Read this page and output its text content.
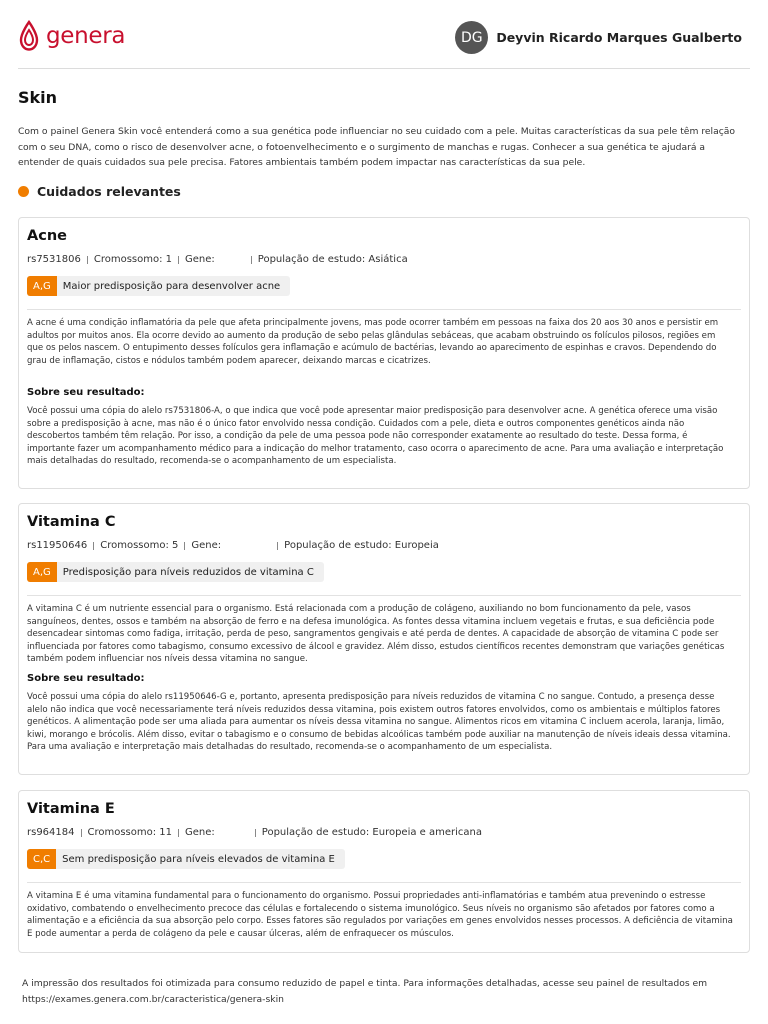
genera	DG	Deyvin Ricardo Marques Gualberto
Skin

Com o painel Genera Skin você entenderá como a sua genética pode influenciar no seu cuidado com a pele. Muitas características da sua pele têm relação com o seu DNA, como o risco de desenvolver acne, o fotoenvelhecimento e o surgimento de manchas e rugas. Conhecer a sua genética te ajudará a entender de quais cuidados sua pele precisa. Fatores ambientais também podem impactar nas características da sua pele.

Cuidados relevantes
Acne
rs7531806 Cromossomo: 1 Gene:	População de estudo: Asiática
A,G	Maior predisposição para desenvolver acne

A acne é uma condição inflamatória da pele que afeta principalmente jovens, mas pode ocorrer também em pessoas na faixa dos 20 aos 30 anos e persistir em adultos por muitos anos. Ela ocorre devido ao aumento da produção de sebo pelas glândulas sebáceas, que acabam obstruindo os folículos pilosos, regiões em que os pelos nascem. O entupimento desses folículos gera inflamação e acúmulo de bactérias, levando ao aparecimento de espinhas e cravos. Dependendo do grau de inflamação, cistos e nódulos também podem aparecer, deixando marcas e cicatrizes.

Sobre seu resultado:

Você possui uma cópia do alelo rs7531806-A, o que indica que você pode apresentar maior predisposição para desenvolver acne. A genética oferece uma visão sobre a predisposição à acne, mas não é o único fator envolvido nessa condição. Cuidados com a pele, dieta e outros componentes genéticos ainda não descobertos também têm relação. Por isso, a condição da pele de uma pessoa pode não corresponder exatamente ao resultado do teste. Dessa forma, é importante fazer um acompanhamento médico para a indicação do melhor tratamento, caso ocorra o aparecimento de acne. Para uma avaliação e interpretação mais detalhadas do resultado, recomenda-se o acompanhamento de um especialista.

Vitamina C
rs11950646 Cromossomo: 5 Gene:	População de estudo: Europeia
A,G	Predisposição para níveis reduzidos de vitamina C

A vitamina C é um nutriente essencial para o organismo. Está relacionada com a produção de colágeno, auxiliando no bom funcionamento da pele, vasos sanguíneos, dentes, ossos e também na absorção de ferro e na defesa imunológica. As fontes dessa vitamina incluem vegetais e frutas, e sua deficiência pode desencadear sintomas como fadiga, irritação, perda de peso, sangramentos gengivais e até perda de dentes. A capacidade de absorção de vitamina C pode ser influenciada por fatores como tabagismo, consumo excessivo de álcool e gravidez. Além disso, estudos científicos recentes demonstram que variações genéticas também podem influenciar nos níveis dessa vitamina no sangue.

Sobre seu resultado:

Você possui uma cópia do alelo rs11950646-G e, portanto, apresenta predisposição para níveis reduzidos de vitamina C no sangue. Contudo, a presença desse alelo não indica que você necessariamente terá níveis reduzidos dessa vitamina, pois existem outros fatores envolvidos, como os ambientais e múltiplos fatores genéticos. A alimentação pode ser uma aliada para aumentar os níveis dessa vitamina no sangue. Alimentos ricos em vitamina C incluem acerola, laranja, limão, kiwi, morango e brócolis. Além disso, evitar o tabagismo e o consumo de bebidas alcoólicas também pode auxiliar na manutenção de níveis ideais dessa vitamina. Para uma avaliação e interpretação mais detalhadas do resultado, recomenda-se o acompanhamento de um especialista.

Vitamina E
rs964184 Cromossomo: 11 Gene:	População de estudo: Europeia e americana
C,C	Sem predisposição para níveis elevados de vitamina E

A vitamina E é uma vitamina fundamental para o funcionamento do organismo. Possui propriedades anti-inflamatórias e também atua prevenindo o estresse oxidativo, combatendo o envelhecimento precoce das células e fortalecendo o sistema imunológico. Seus níveis no organismo são afetados por fatores como a alimentação e a eficiência da sua absorção pelo corpo. Esses fatores são regulados por variações em genes envolvidos nesses processos. A deficiência de vitamina E pode aumentar a perda de colágeno da pele e causar úlceras, além de enfraquecer os músculos.

A impressão dos resultados foi otimizada para consumo reduzido de papel e tinta. Para informações detalhadas, acesse seu painel de resultados em https://exames.genera.com.br/caracteristica/genera-skin
